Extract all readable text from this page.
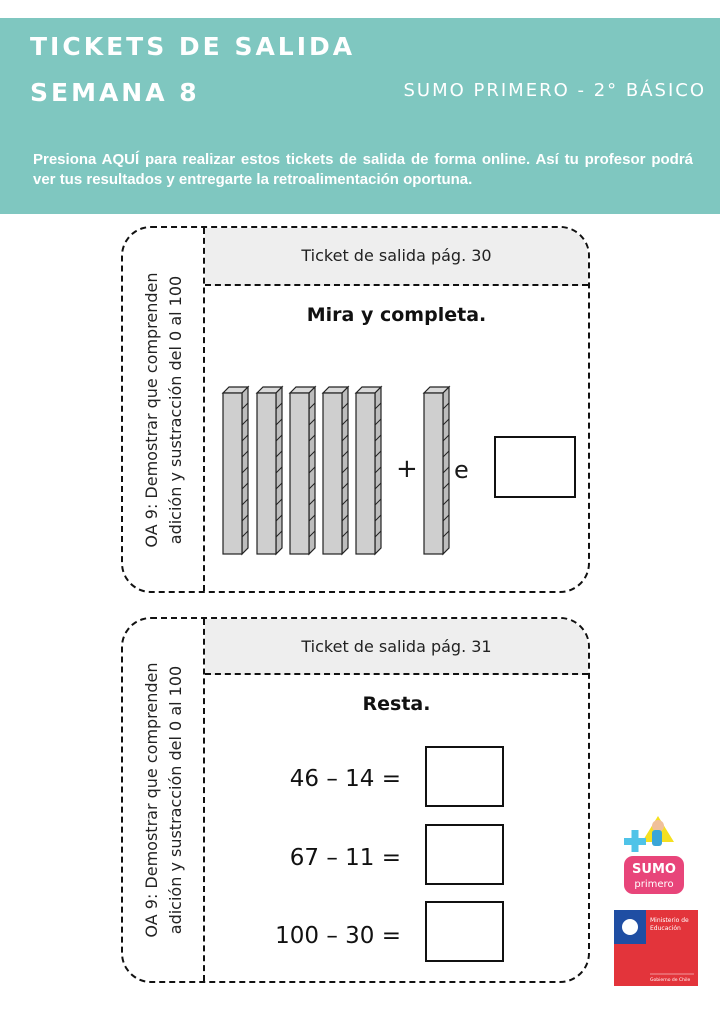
TICKETS DE SALIDA
SEMANA 8	SUMO PRIMERO - 2° BÁSICO
Presiona AQUÍ para realizar estos tickets de salida de forma online. Así tu profesor podrá ver tus resultados y entregarte la retroalimentación oportuna.
OA 9: Demostrar que comprenden adición y sustracción del 0 al 100
Ticket de salida pág. 30
Mira y completa.
+ e
OA 9: Demostrar que comprenden adición y sustracción del 0 al 100
Ticket de salida pág. 31
Resta.
46 – 14 =
67 – 11 =
100 – 30 =
SUMO
primero
Ministerio de
Educación
Gobierno de Chile
